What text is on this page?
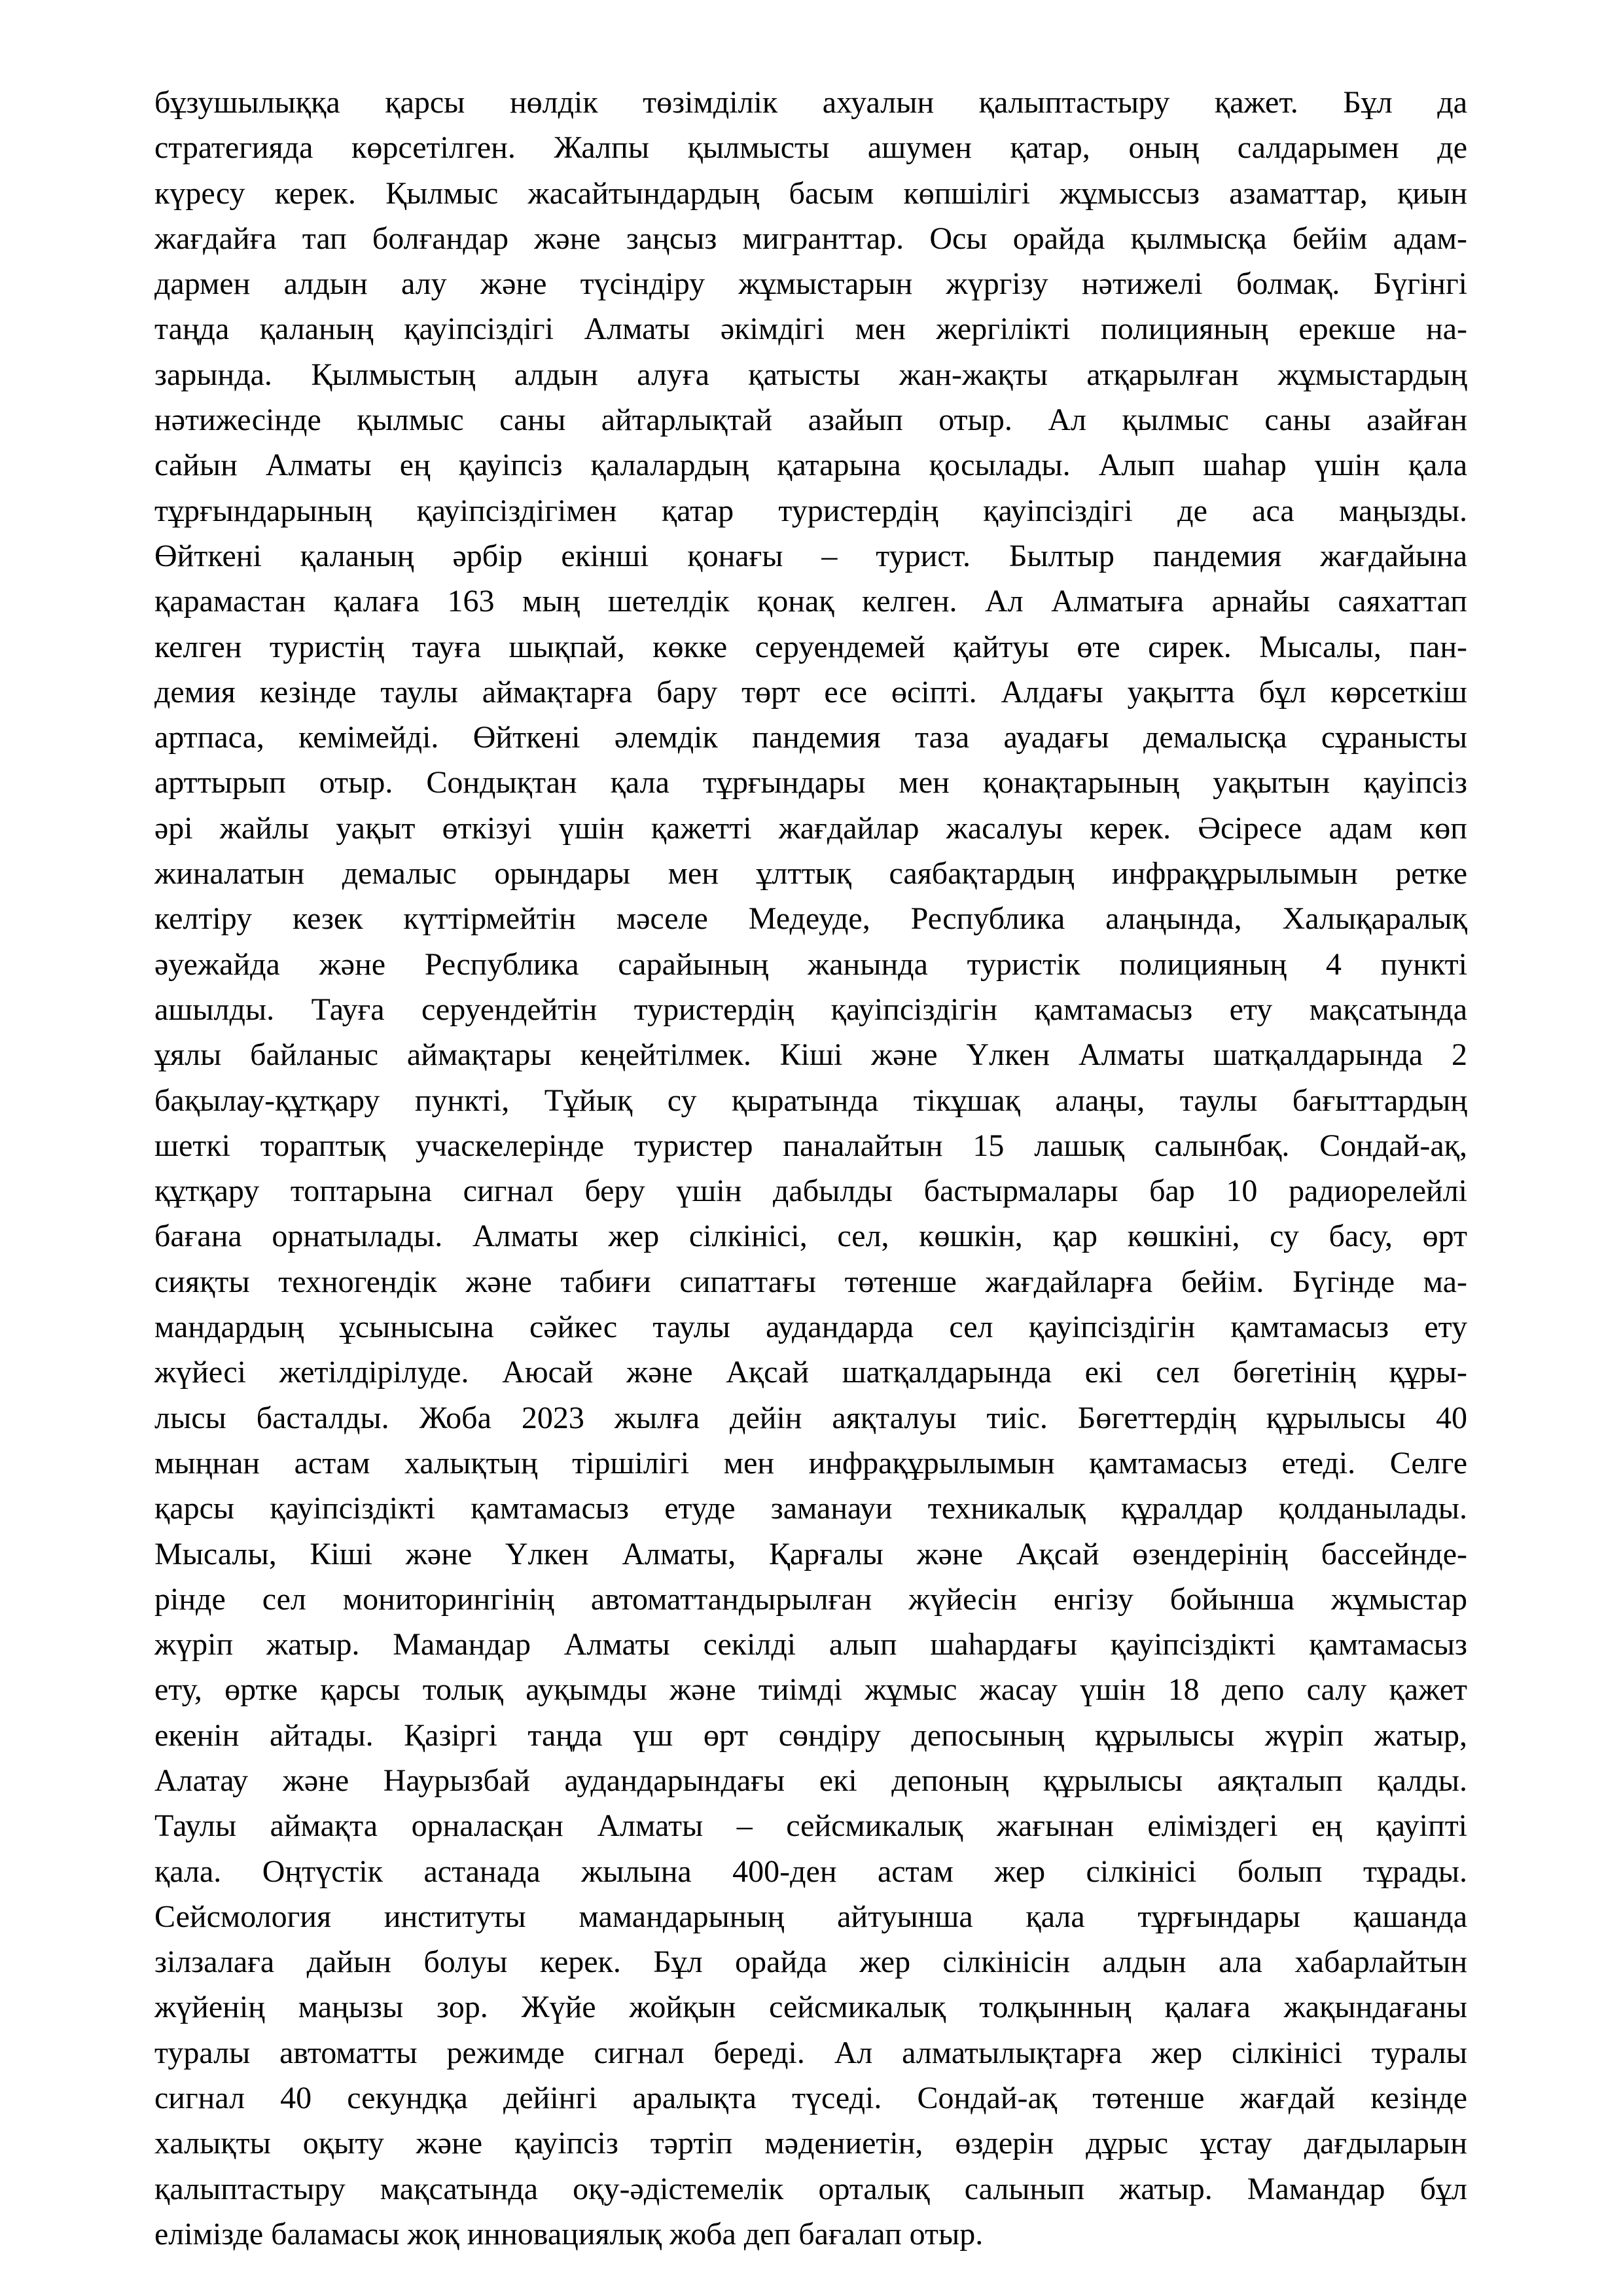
бұзушылыққа қарсы нөлдік төзімділік ахуалын қалыптастыру қажет. Бұл да
стратегияда көрсетілген. Жалпы қылмысты ашумен қатар, оның салдарымен де
күресу керек. Қылмыс жасайтындардың басым көпшілігі жұмыссыз азаматтар, қиын
жағдайға тап болғандар және заңсыз мигранттар. Осы орайда қылмысқа бейім адам-
дармен алдын алу және түсіндіру жұмыстарын жүргізу нәтижелі болмақ. Бүгінгі
таңда қаланың қауіпсіздігі Алматы әкімдігі мен жергілікті полицияның ерекше на-
зарында. Қылмыстың алдын алуға қатысты жан-жақты атқарылған жұмыстардың
нәтижесінде қылмыс саны айтарлықтай азайып отыр. Ал қылмыс саны азайған
сайын Алматы ең қауіпсіз қалалардың қатарына қосылады. Алып шаһар үшін қала
тұрғындарының қауіпсіздігімен қатар туристердің қауіпсіздігі де аса маңызды.
Өйткені қаланың әрбір екінші қонағы – турист. Былтыр пандемия жағдайына
қарамастан қалаға 163 мың шетелдік қонақ келген. Ал Алматыға арнайы саяхаттап
келген туристің тауға шықпай, көкке серуендемей қайтуы өте сирек. Мысалы, пан-
демия кезінде таулы аймақтарға бару төрт есе өсіпті. Алдағы уақытта бұл көрсеткіш
артпаса, кемімейді. Өйткені әлемдік пандемия таза ауадағы демалысқа сұранысты
арттырып отыр. Сондықтан қала тұрғындары мен қонақтарының уақытын қауіпсіз
әрі жайлы уақыт өткізуі үшін қажетті жағдайлар жасалуы керек. Әсіресе адам көп
жиналатын демалыс орындары мен ұлттық саябақтардың инфрақұрылымын ретке
келтіру кезек күттірмейтін мәселе Медеуде, Республика алаңында, Халықаралық
әуежайда және Республика сарайының жанында туристік полицияның 4 пункті
ашылды. Тауға серуендейтін туристердің қауіпсіздігін қамтамасыз ету мақсатында
ұялы байланыс аймақтары кеңейтілмек. Кіші және Үлкен Алматы шатқалдарында 2
бақылау-құтқару пункті, Тұйық су қыратында тікұшақ алаңы, таулы бағыттардың
шеткі тораптық учаскелерінде туристер паналайтын 15 лашық салынбақ. Сондай-ақ,
құтқару топтарына сигнал беру үшін дабылды бастырмалары бар 10 радиорелейлі
бағана орнатылады. Алматы жер сілкінісі, сел, көшкін, қар көшкіні, су басу, өрт
сияқты техногендік және табиғи сипаттағы төтенше жағдайларға бейім. Бүгінде ма-
мандардың ұсынысына сәйкес таулы аудандарда сел қауіпсіздігін қамтамасыз ету
жүйесі жетілдірілуде. Аюсай және Ақсай шатқалдарында екі сел бөгетінің құры-
лысы басталды. Жоба 2023 жылға дейін аяқталуы тиіс. Бөгеттердің құрылысы 40
мыңнан астам халықтың тіршілігі мен инфрақұрылымын қамтамасыз етеді. Селге
қарсы қауіпсіздікті қамтамасыз етуде заманауи техникалық құралдар қолданылады.
Мысалы, Кіші және Үлкен Алматы, Қарғалы және Ақсай өзендерінің бассейнде-
рінде сел мониторингінің автоматтандырылған жүйесін енгізу бойынша жұмыстар
жүріп жатыр. Мамандар Алматы секілді алып шаһардағы қауіпсіздікті қамтамасыз
ету, өртке қарсы толық ауқымды және тиімді жұмыс жасау үшін 18 депо салу қажет
екенін айтады. Қазіргі таңда үш өрт сөндіру депосының құрылысы жүріп жатыр,
Алатау және Наурызбай аудандарындағы екі депоның құрылысы аяқталып қалды.
Таулы аймақта орналасқан Алматы – сейсмикалық жағынан еліміздегі ең қауіпті
қала. Оңтүстік астанада жылына 400-ден астам жер сілкінісі болып тұрады.
Сейсмология институты мамандарының айтуынша қала тұрғындары қашанда
зілзалаға дайын болуы керек. Бұл орайда жер сілкінісін алдын ала хабарлайтын
жүйенің маңызы зор. Жүйе жойқын сейсмикалық толқынның қалаға жақындағаны
туралы автоматты режимде сигнал береді. Ал алматылықтарға жер сілкінісі туралы
сигнал 40 секундқа дейінгі аралықта түседі. Сондай-ақ төтенше жағдай кезінде
халықты оқыту және қауіпсіз тәртіп мәдениетін, өздерін дұрыс ұстау дағдыларын
қалыптастыру мақсатында оқу-әдістемелік орталық салынып жатыр. Мамандар бұл
елімізде баламасы жоқ инновациялық жоба деп бағалап отыр.
